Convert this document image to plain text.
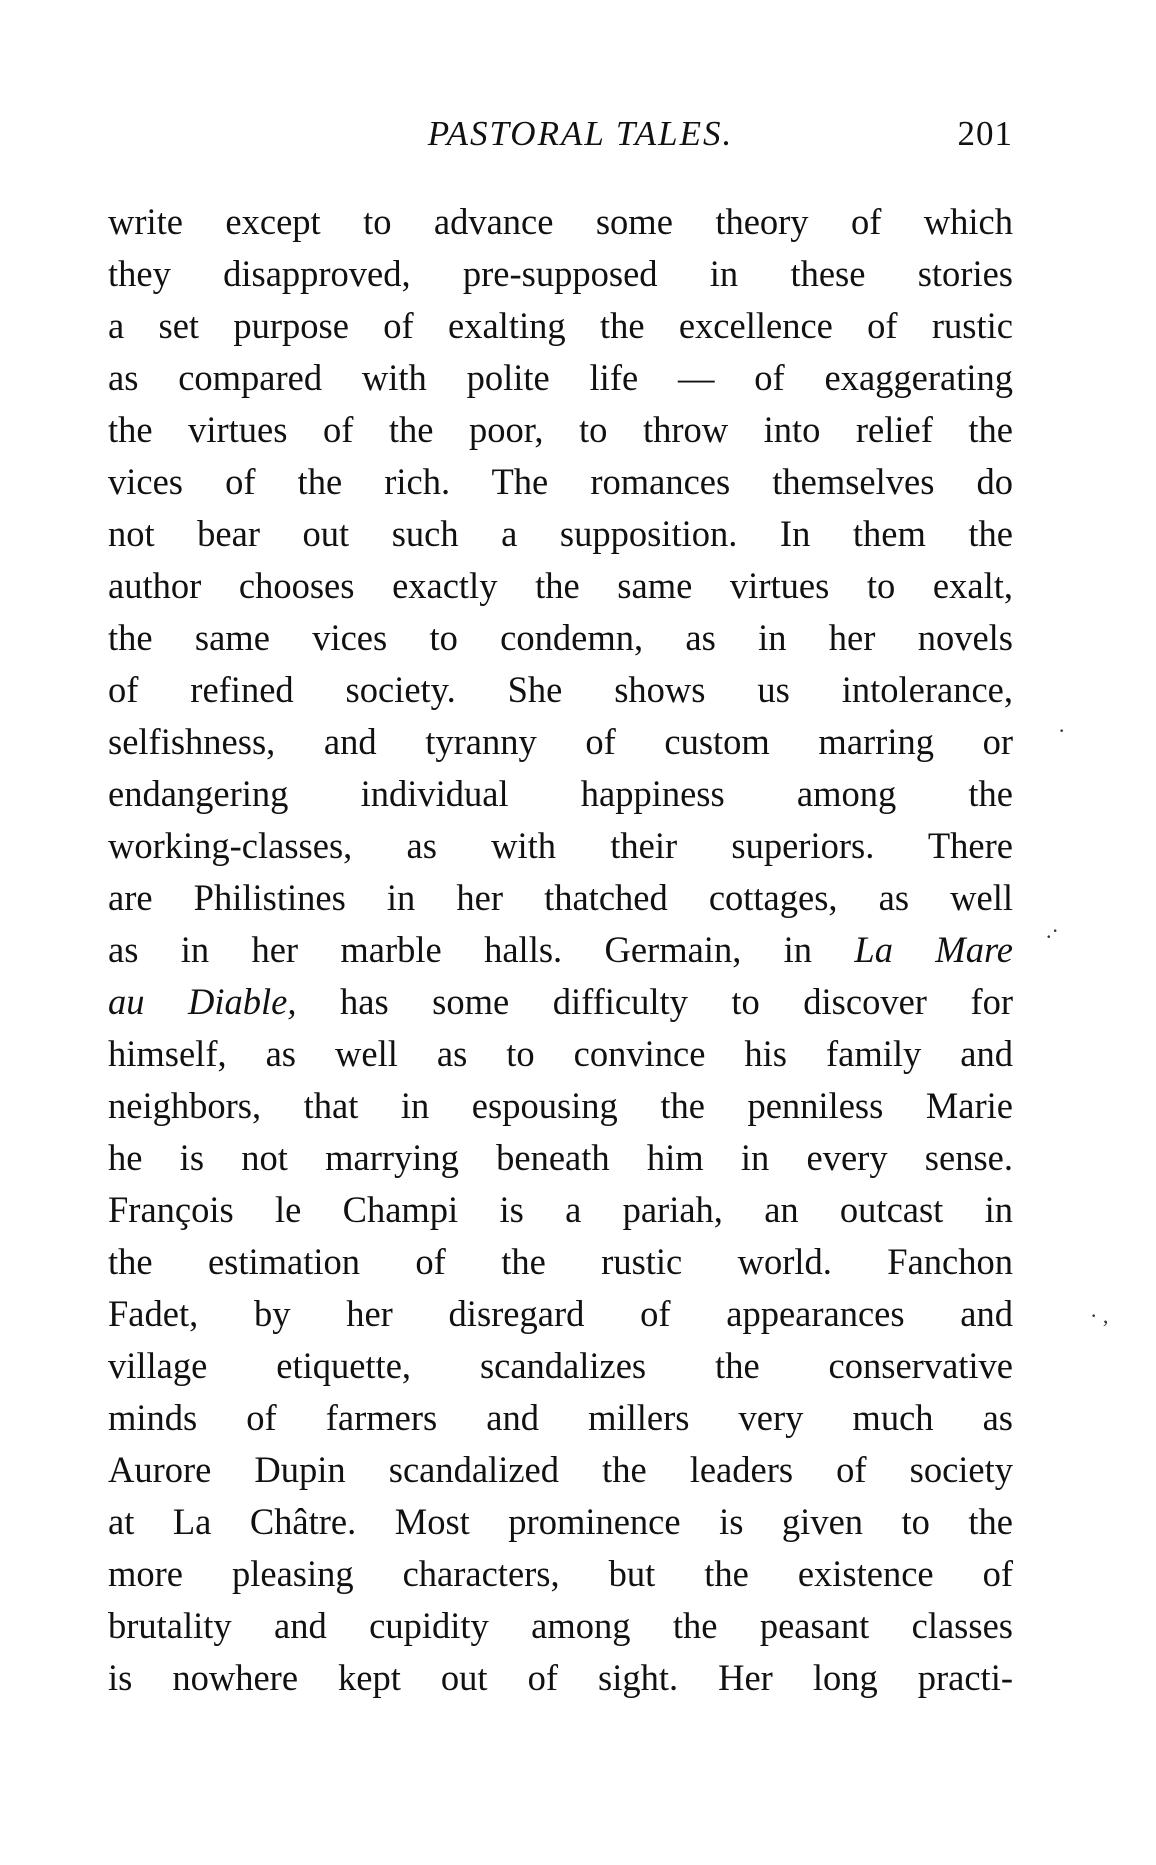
PASTORAL TALES.	201
write except to advance some theory of which
they disapproved, pre-supposed in these stories
a set purpose of exalting the excellence of rustic
as compared with polite life — of exaggerating
the virtues of the poor, to throw into relief the
vices of the rich. The romances themselves do
not bear out such a supposition. In them the
author chooses exactly the same virtues to exalt,
the same vices to condemn, as in her novels
of refined society. She shows us intolerance,
selfishness, and tyranny of custom marring or
endangering individual happiness among the
working-classes, as with their superiors. There
are Philistines in her thatched cottages, as well
as in her marble halls. Germain, in La Mare
au Diable, has some difficulty to discover for
himself, as well as to convince his family and
neighbors, that in espousing the penniless Marie
he is not marrying beneath him in every sense.
François le Champi is a pariah, an outcast in
the estimation of the rustic world. Fanchon
Fadet, by her disregard of appearances and
village etiquette, scandalizes the conservative
minds of farmers and millers very much as
Aurore Dupin scandalized the leaders of society
at La Châtre. Most prominence is given to the
more pleasing characters, but the existence of
brutality and cupidity among the peasant classes
is nowhere kept out of sight. Her long practi-
.·
· ,
·
